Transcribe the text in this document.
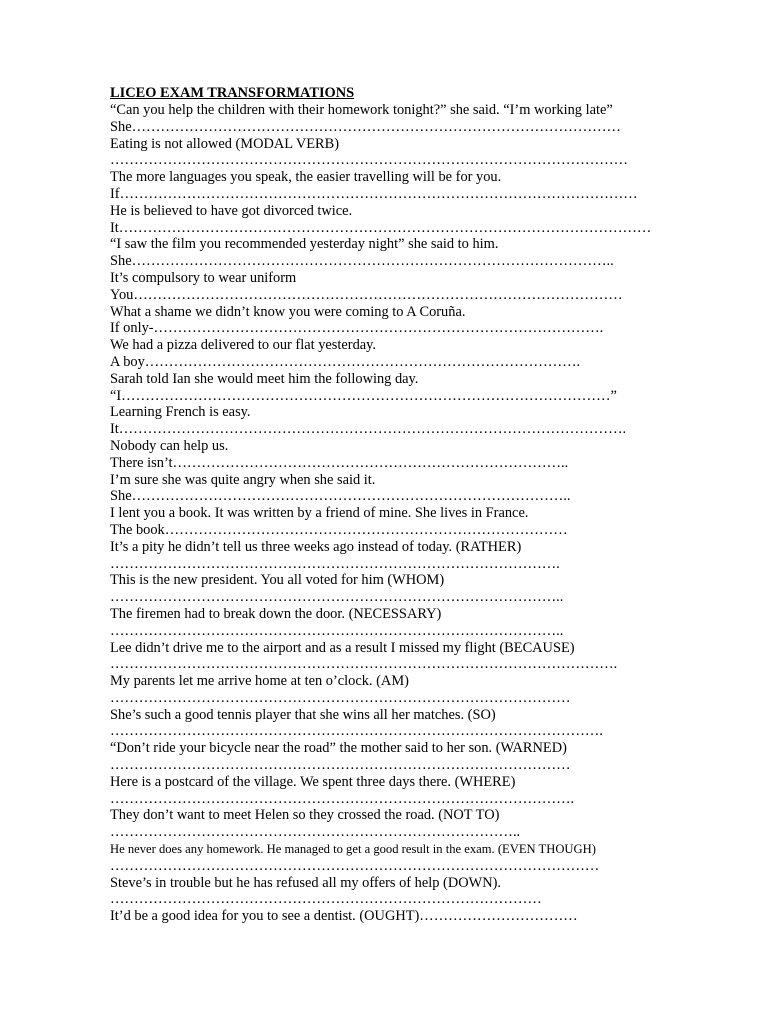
LICEO EXAM TRANSFORMATIONS
“Can you help the children with their homework tonight?” she said. “I’m working late”
She…………………………………………………………………………………………
Eating is not allowed (MODAL VERB)
………………………………………………………………………………………………
The more languages you speak, the easier travelling will be for you.
If………………………………………………………………………………………………
He is believed to have got divorced twice.
It…………………………………………………………………………………………………
“I saw the film you recommended yesterday night” she said to him.
She………………………………………………………………………………………..
It’s compulsory to wear uniform
You…………………………………………………………………………………………
What a shame we didn’t know you were coming to A Coruña.
If only-………………………………………………………………………………….
We had a pizza delivered to our flat yesterday.
A boy……………………………………………………………………………….
Sarah told Ian she would meet him the following day.
“I…………………………………………………………………………………………”
Learning French is easy.
It…………………………………………………………………………………………….
Nobody can help us.
There isn’t………………………………………………………………………..
I’m sure she was quite angry when she said it.
She………………………………………………………………………………..
I lent you a book. It was written by a friend of mine. She lives in France.
The book…………………………………………………………………………
It’s a pity he didn’t tell us three weeks ago instead of today. (RATHER)
………………………………………………………………………………….
This is the new president. You all voted for him (WHOM)
…………………………………………………………………………………..
The firemen had to break down the door. (NECESSARY)
…………………………………………………………………………………..
Lee didn’t drive me to the airport and as a result I missed my flight (BECAUSE)
…………………………………………………………………………………………….
My parents let me arrive home at ten o’clock. (AM)
……………………………………………………………………………………
She’s such a good tennis player that she wins all her matches. (SO)
………………………………………………………………………………………….
“Don’t ride your bicycle near the road” the mother said to her son. (WARNED)
……………………………………………………………………………………
Here is a postcard of the village. We spent three days there. (WHERE)
…………………………………………………………………………………….
They don’t want to meet Helen so they crossed the road. (NOT TO)
…………………………………………………………………………..
He never does any homework. He managed to get a good result in the exam. (EVEN THOUGH)
…………………………………………………………………………………………
Steve’s in trouble but he has refused all my offers of help (DOWN).
………………………………………………………………………………
It’d be a good idea for you to see a dentist. (OUGHT)……………………………
